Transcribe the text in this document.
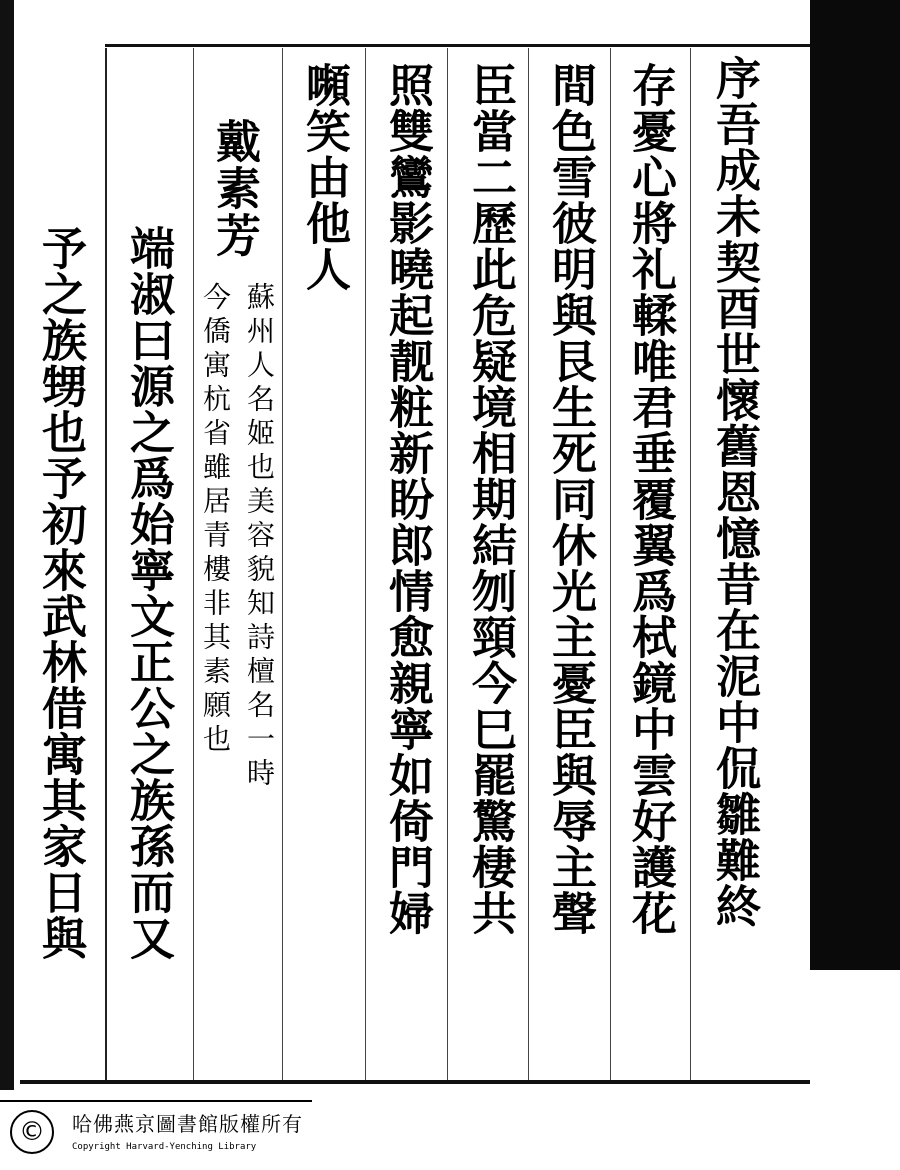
序吾成未契酉世懷舊恩憶昔在泥中侃雛難終
存憂心將礼輮唯君垂覆翼爲栻鏡中雲好護花
間色雪彼明與艮生死同休光主憂臣與辱主聲
臣當二歷此危疑境相期結刎頸今巳罷驚棲共
照雙鸞影曉起靓粧新盼郎情愈親寧如倚門婦
嚬笑由他人
戴素芳
蘇州人名姬也美容貌知詩檀名一時
今僑寓杭省雖居青樓非其素願也
端淑曰源之爲始寧文正公之族孫而又
予之族甥也予初來武林借寓其家日與
©	哈佛燕京圖書館版權所有
Copyright Harvard-Yenching Library
